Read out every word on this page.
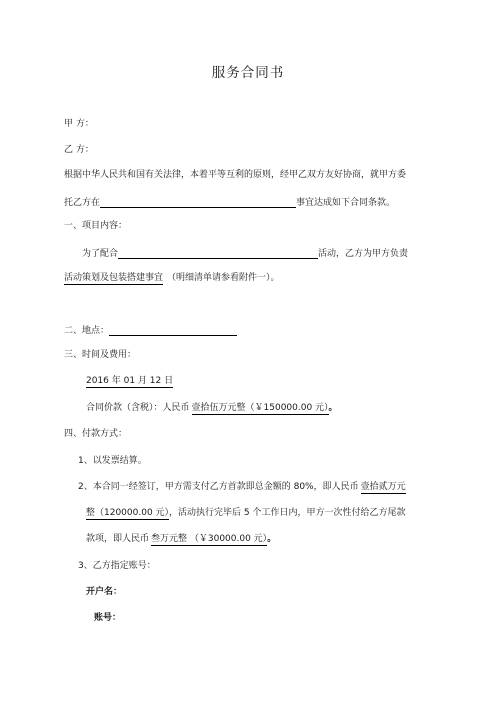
服务合同书
甲 方：
乙 方：
根据中华人民共和国有关法律，本着平等互利的原则，经甲乙双方友好协商，就甲方委
托乙方在	事宜达成如下合同条款。
一、项目内容：
为了配合	活动，乙方为甲方负责
活动策划及包装搭建事宜 （明细清单请参看附件一）。
二、地点：
三、时间及费用：
2016 年 01 月 12 日
合同价款（含税）：人民币 壹拾伍万元整（￥150000.00 元）。
四、付款方式：
1、以发票结算。
2、本合同一经签订，甲方需支付乙方首款即总金额的 80%，即人民币 壹拾贰万元
整（120000.00 元），活动执行完毕后 5 个工作日内，甲方一次性付给乙方尾款
款项，即人民币 叁万元整 （￥30000.00 元）。
3、乙方指定账号：
开户名：
账号：
